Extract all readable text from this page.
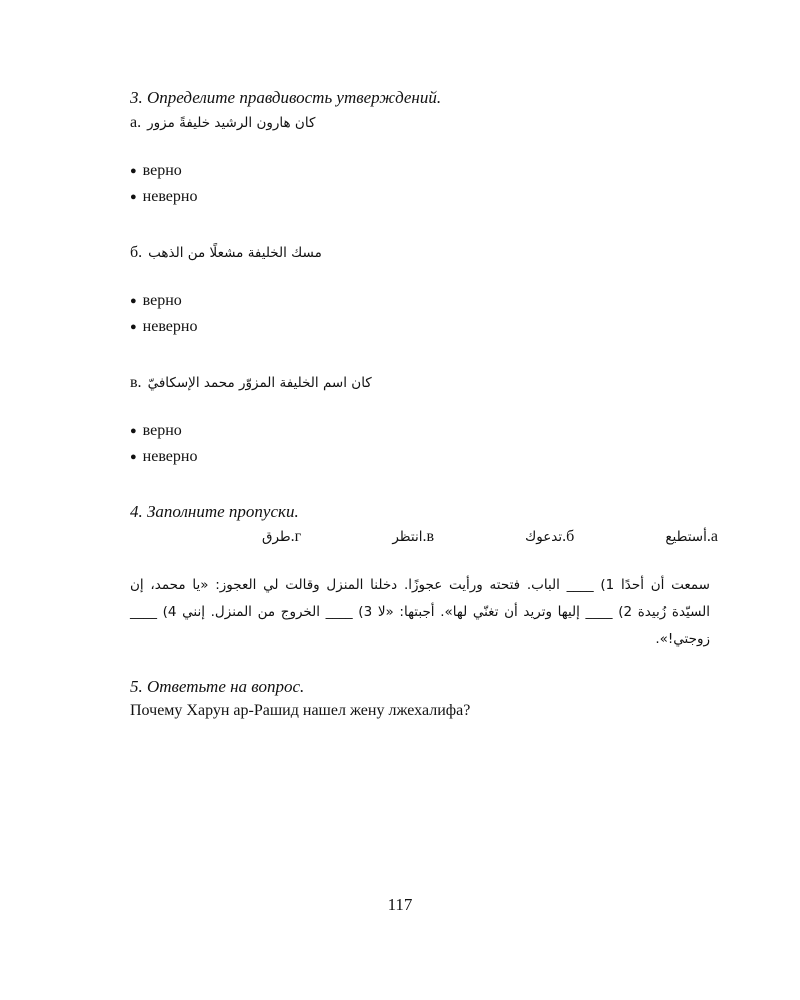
3. Определите правдивость утверждений.

а. كان هارون الرشيد خليفةً مزور

● верно

● неверно

б. مسك الخليفة مشعلًا من الذهب

● верно

● неверно

в. كان اسم الخليفة المزوّر محمد الإسكافيّ

● верно

● неверно

4. Заполните пропуски.

а.
أستطيع
б.
تدعوك
в.
انتظر
г.
طرق

سمعت أن أحدًا 1) ____ الباب. فتحته ورأيت عجوزًا. دخلنا المنزل وقالت لي العجوز: «يا محمد، إن السيّدة زُبيدة 2) ____ إليها وتريد أن تغنّي لها». أجبتها: «لا 3) ____ الخروج من المنزل. إنني 4) ____ زوجتي!».

5. Ответьте на вопрос.

Почему Харун ар-Рашид нашел жену лжехалифа?

117
